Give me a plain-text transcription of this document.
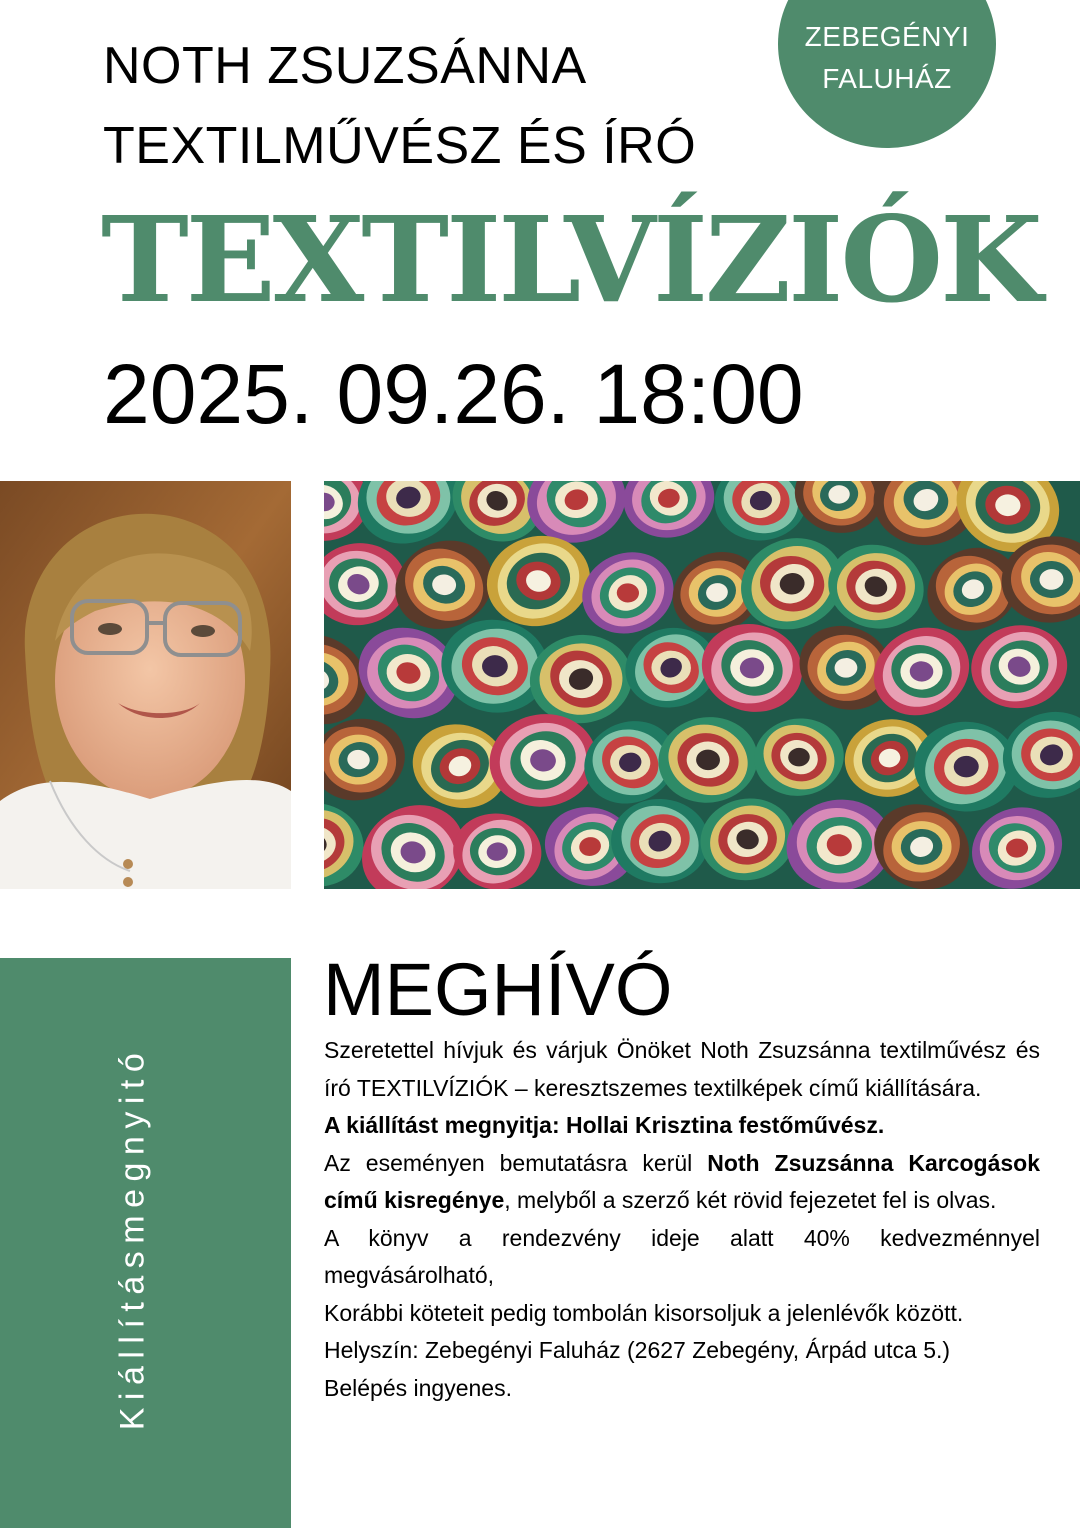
ZEBEGÉNYI
FALUHÁZ
NOTH ZSUZSÁNNA
TEXTILMŰVÉSZ ÉS ÍRÓ
TEXTILVÍZIÓK
2025. 09.26. 18:00
Kiállításmegnyitó
MEGHÍVÓ

Szeretettel hívjuk és várjuk Önöket Noth Zsuzsánna textilművész és író TEXTILVÍZIÓK – keresztszemes textilképek című kiállítására.

A kiállítást megnyitja: Hollai Krisztina festőművész.

Az eseményen bemutatásra kerül Noth Zsuzsánna Karcogások című kisregénye, melyből a szerző két rövid fejezetet fel is olvas.

A könyv a rendezvény ideje alatt 40% kedvezménnyel megvásárolható,

Korábbi köteteit pedig tombolán kisorsoljuk a jelenlévők között.

Helyszín: Zebegényi Faluház (2627 Zebegény, Árpád utca 5.)

Belépés ingyenes.
